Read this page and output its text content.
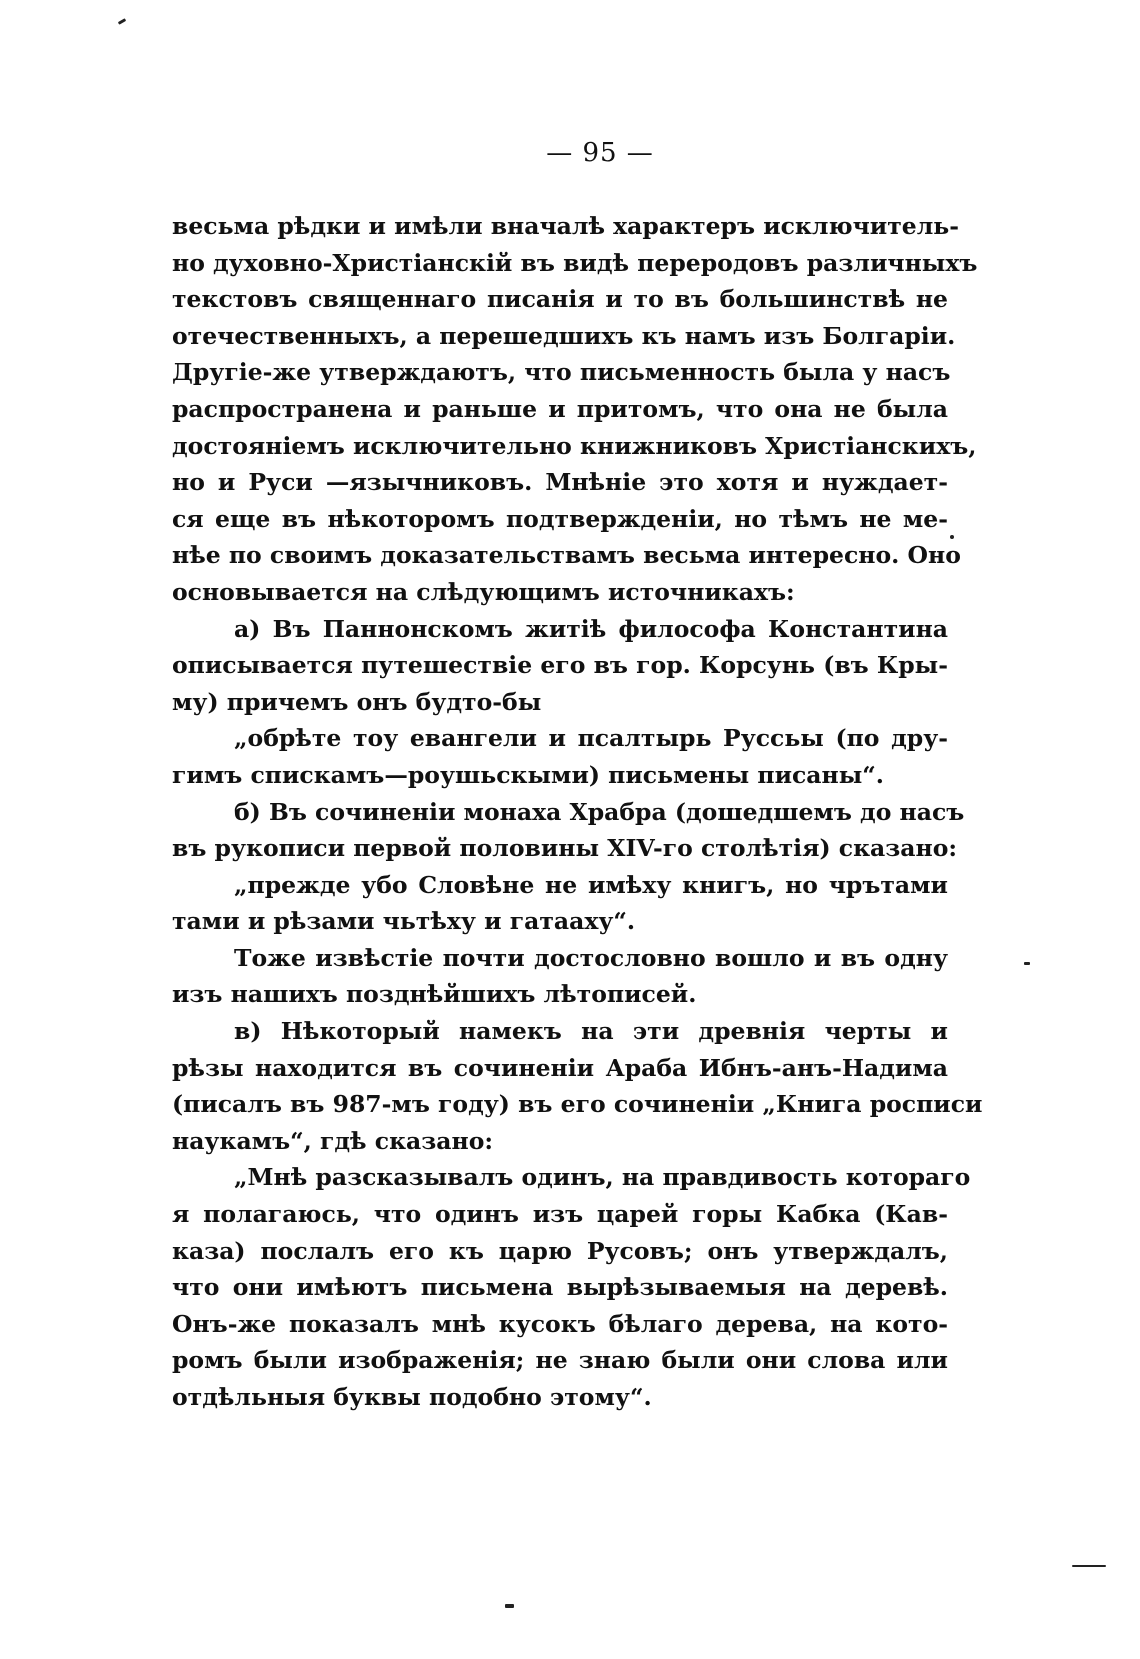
— 95 —
весьма рѣдки и имѣли вначалѣ характеръ исключитель-
но духовно-Христіанскій въ видѣ переродовъ различныхъ
текстовъ священнаго писанія и то въ большинствѣ не
отечественныхъ, а перешедшихъ къ намъ изъ Болгаріи.
Другіе-же утверждаютъ, что письменность была у насъ
распространена и раньше и притомъ, что она не была
достояніемъ исключительно книжниковъ Христіанскихъ,
но и Руси —язычниковъ. Мнѣніе это хотя и нуждает-
ся еще въ нѣкоторомъ подтвержденіи, но тѣмъ не ме-
нѣе по своимъ доказательствамъ весьма интересно. Оно
основывается на слѣдующимъ источникахъ:
а) Въ Паннонскомъ житіѣ философа Константина
описывается путешествіе его въ гор. Корсунь (въ Кры-
му) причемъ онъ будто-бы
„обрѣте тоу евангели и псалтырь Руссьы (по дру-
гимъ спискамъ—роушьскыми) письмены писаны“.
б) Въ сочиненіи монаха Храбра (дошедшемъ до насъ
въ рукописи первой половины XIV-го столѣтія) сказано:
„прежде убо Словѣне не имѣху книгъ, но чрътами
тами и рѣзами чьтѣху и гатааху“.
Тоже извѣстіе почти достословно вошло и въ одну
изъ нашихъ позднѣйшихъ лѣтописей.
в) Нѣкоторый намекъ на эти древнія черты и
рѣзы находится въ сочиненіи Араба Ибнъ-анъ-Надима
(писалъ въ 987-мъ году) въ его сочиненіи „Книга росписи
наукамъ“, гдѣ сказано:
„Мнѣ разсказывалъ одинъ, на правдивость котораго
я полагаюсь, что одинъ изъ царей горы Кабка (Кав-
каза) послалъ его къ царю Русовъ; онъ утверждалъ,
что они имѣютъ письмена вырѣзываемыя на деревѣ.
Онъ-же показалъ мнѣ кусокъ бѣлаго дерева, на кото-
ромъ были изображенія; не знаю были они слова или
отдѣльныя буквы подобно этому“.
